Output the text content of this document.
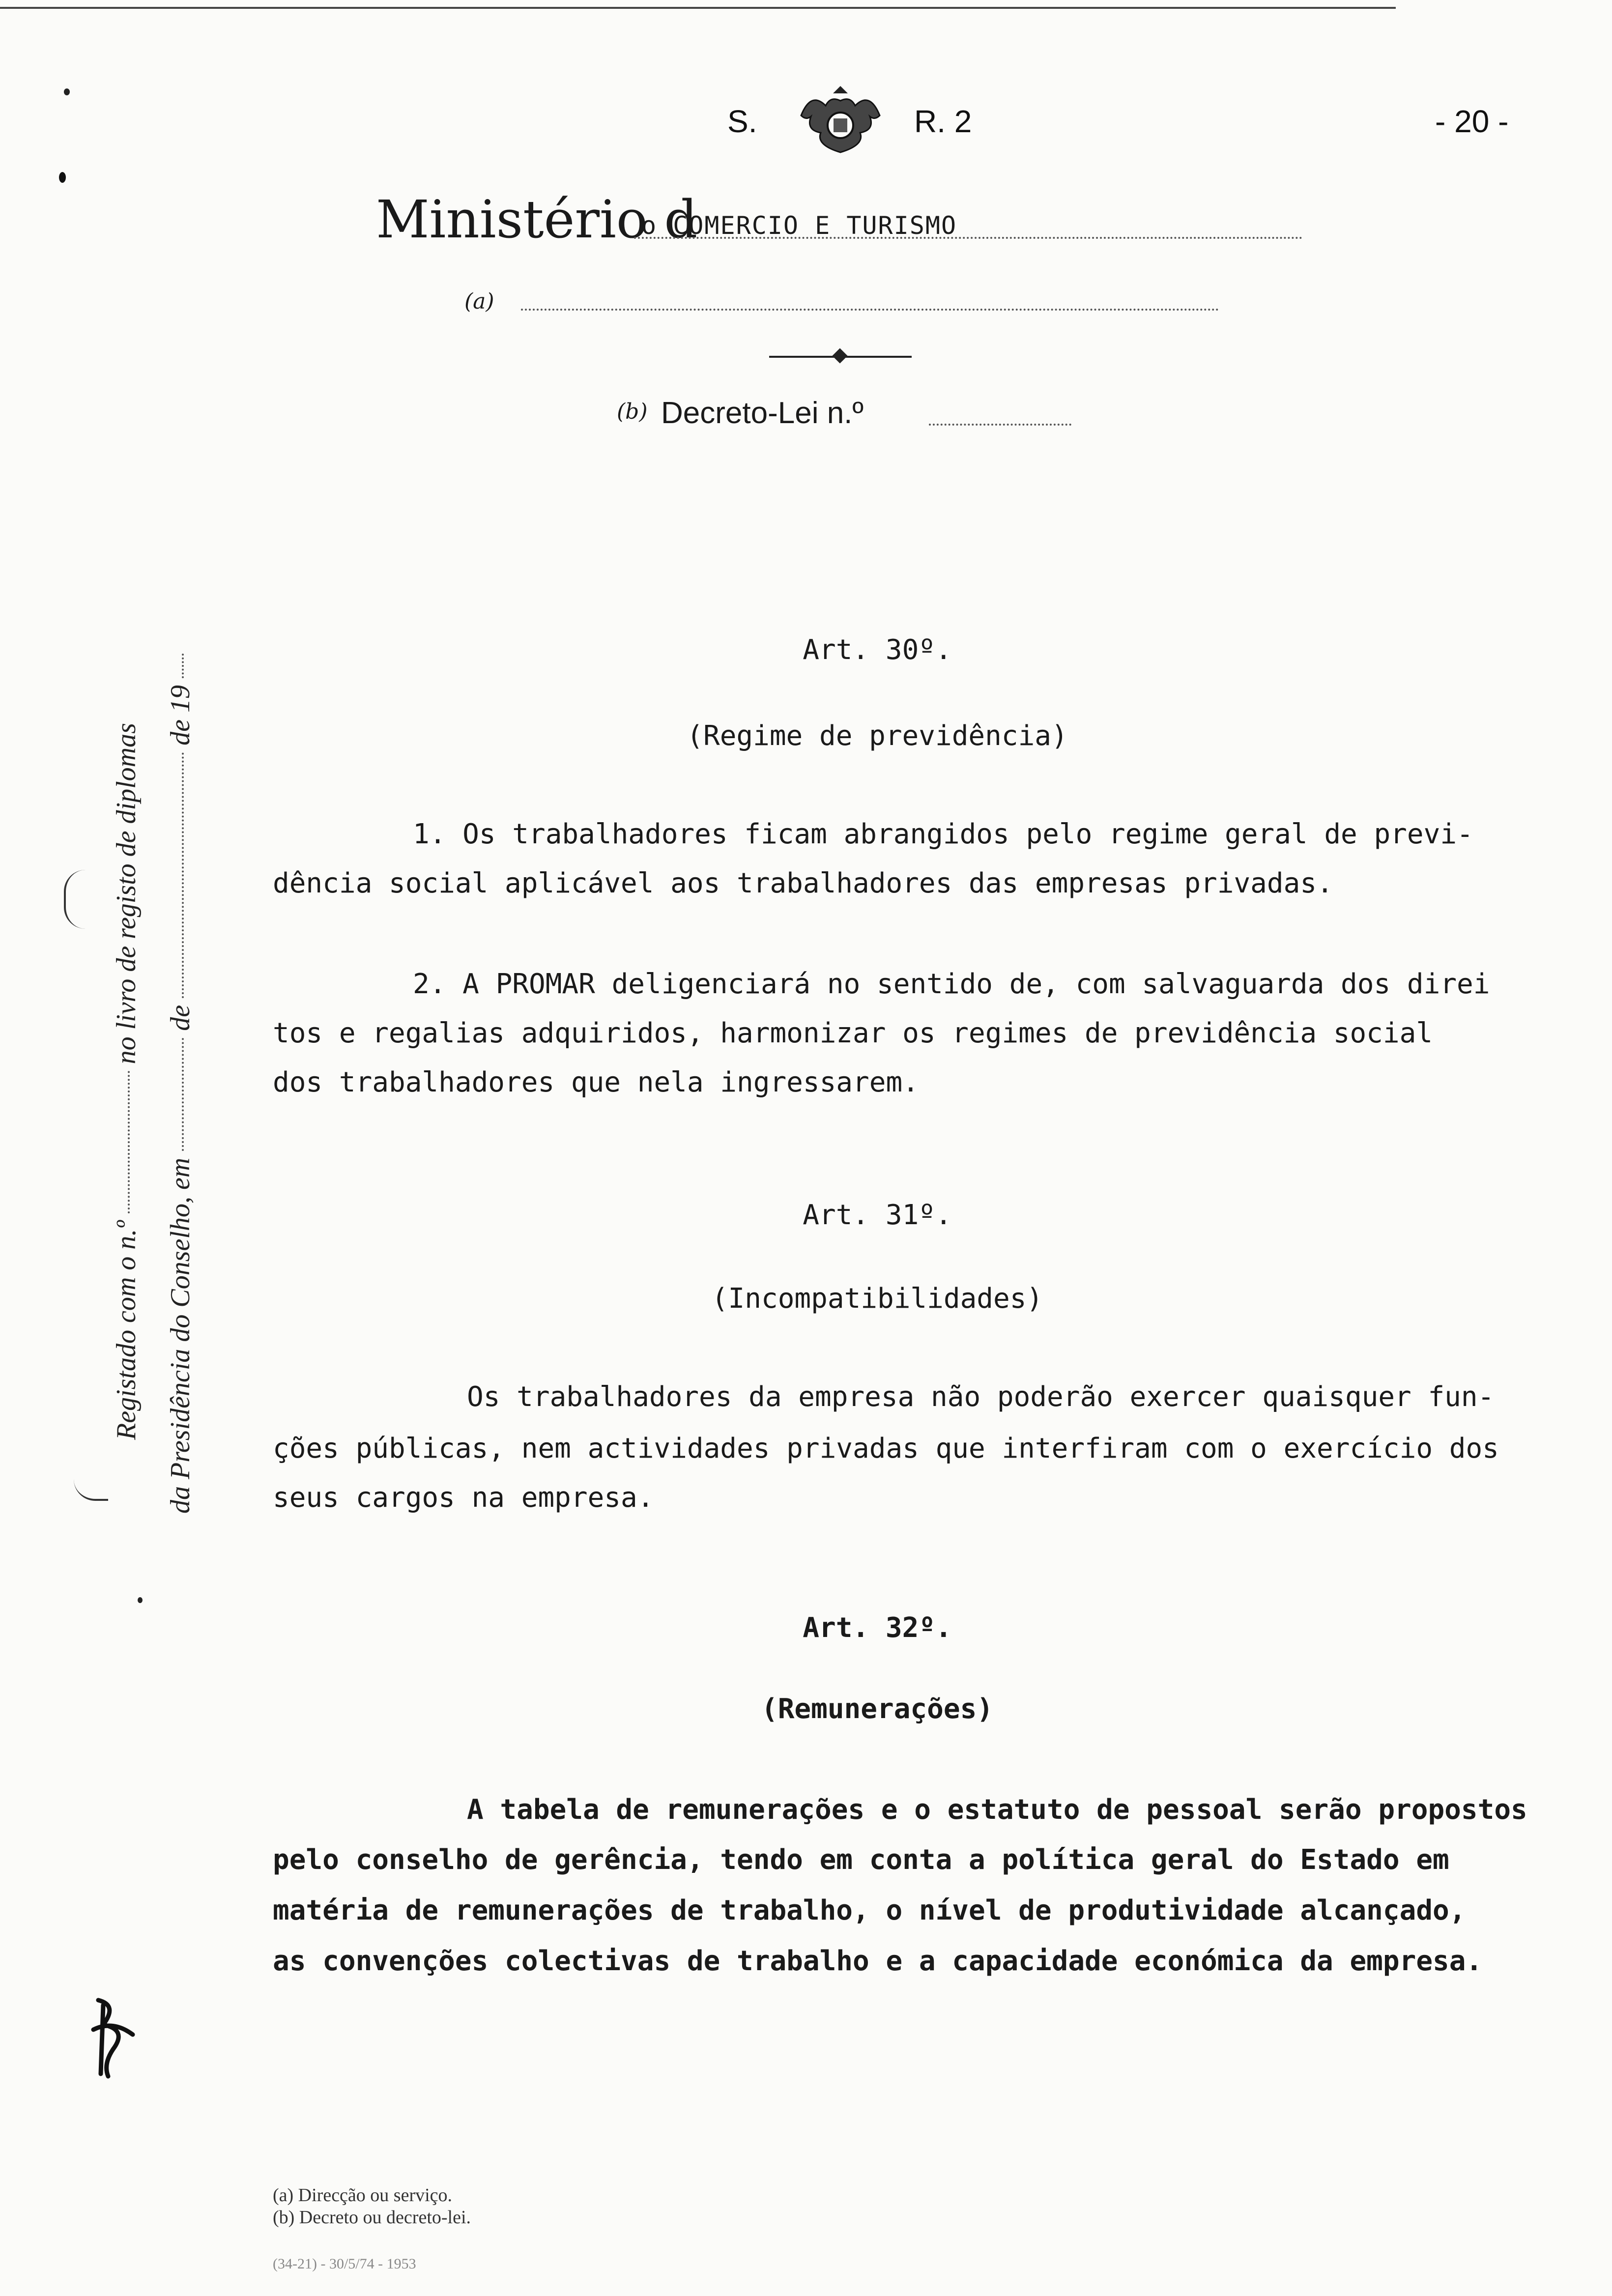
S.	R. 2	- 20 -
Ministério d
o COMERCIO E TURISMO
(a)
(b) Decreto-Lei n.º
Registado com o n.º  no livro de registo de diplomas
da Presidência do Conselho, em  de  de 19
Art. 30º.
(Regime de previdência)
1. Os trabalhadores ficam abrangidos pelo regime geral de previ-
dência social aplicável aos trabalhadores das empresas privadas.
2. A PROMAR deligenciará no sentido de, com salvaguarda dos direi
tos e regalias adquiridos, harmonizar os regimes de previdência social
dos trabalhadores que nela ingressarem.
Art. 31º.
(Incompatibilidades)
Os trabalhadores da empresa não poderão exercer quaisquer fun-
ções públicas, nem actividades privadas que interfiram com o exercício dos
seus cargos na empresa.
Art. 32º.
(Remunerações)
A tabela de remunerações e o estatuto de pessoal serão propostos
pelo conselho de gerência, tendo em conta a política geral do Estado em
matéria de remunerações de trabalho, o nível de produtividade alcançado,
as convenções colectivas de trabalho e a capacidade económica da empresa.
(a) Direcção ou serviço.
(b) Decreto ou decreto-lei.
(34-21) - 30/5/74 - 1953
